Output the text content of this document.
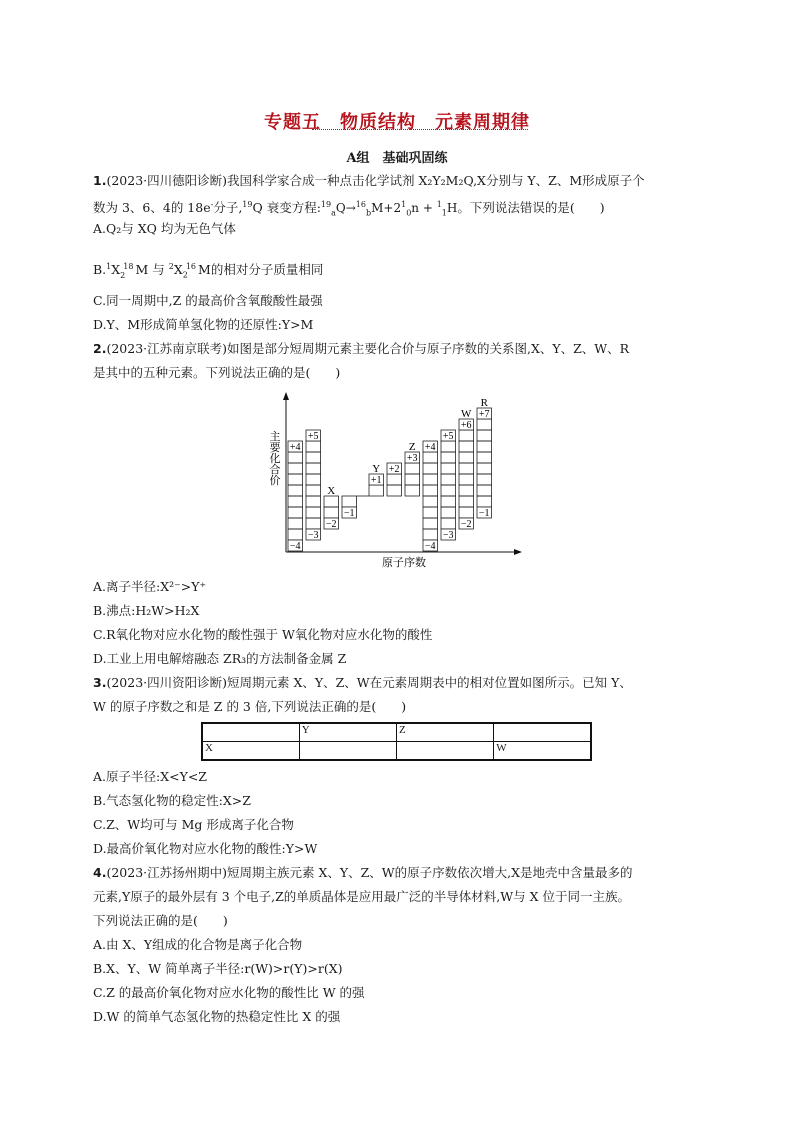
专题五　物质结构　元素周期律
A组　基础巩固练
1.(2023·四川德阳诊断)我国科学家合成一种点击化学试剂 X₂Y₂M₂Q,X分别与 Y、Z、M形成原子个
数为 3、6、4的 18e-分子,$^{19}$Q 衰变方程$:^{19}_aQ\to^{16}_bM+2^1_0n + ^1_1H$。下列说法错误的是(　　)
A.Q₂与 XQ 均为无色气体
$B.^1X_2^{18}$ M 与 $^2X_2^{16}$ M的相对分子质量相同
C.同一周期中,Z 的最高价含氧酸酸性最强
D.Y、M形成简单氢化物的还原性:Y>M
2.(2023·江苏南京联考)如图是部分短周期元素主要化合价与原子序数的关系图,X、Y、Z、W、R
是其中的五种元素。下列说法正确的是(　　)
+4
−4
+5
−3
−2
X
−1
+1
Y +2
+3
Z +4
−4
+5
−3
+6
−2
W +7
−1
R
主要化合价
原子序数
A.离子半径:X²⁻>Y⁺
B.沸点:H₂W>H₂X
C.R氧化物对应水化物的酸性强于 W氧化物对应水化物的酸性
D.工业上用电解熔融态 ZR₃的方法制备金属 Z
3.(2023·四川资阳诊断)短周期元素 X、Y、Z、W在元素周期表中的相对位置如图所示。已知 Y、
W 的原子序数之和是 Z 的 3 倍,下列说法正确的是(　　)
	Y	Z	
X			W
A.原子半径:X<Y<Z
B.气态氢化物的稳定性:X>Z
C.Z、W均可与 Mg 形成离子化合物
D.最高价氧化物对应水化物的酸性:Y>W
4.(2023·江苏扬州期中)短周期主族元素 X、Y、Z、W的原子序数依次增大,X是地壳中含量最多的
元素,Y原子的最外层有 3 个电子,Z的单质晶体是应用最广泛的半导体材料,W与 X 位于同一主族。
下列说法正确的是(　　)
A.由 X、Y组成的化合物是离子化合物
B.X、Y、W 简单离子半径:r(W)>r(Y)>r(X)
C.Z 的最高价氧化物对应水化物的酸性比 W 的强
D.W 的简单气态氢化物的热稳定性比 X 的强
